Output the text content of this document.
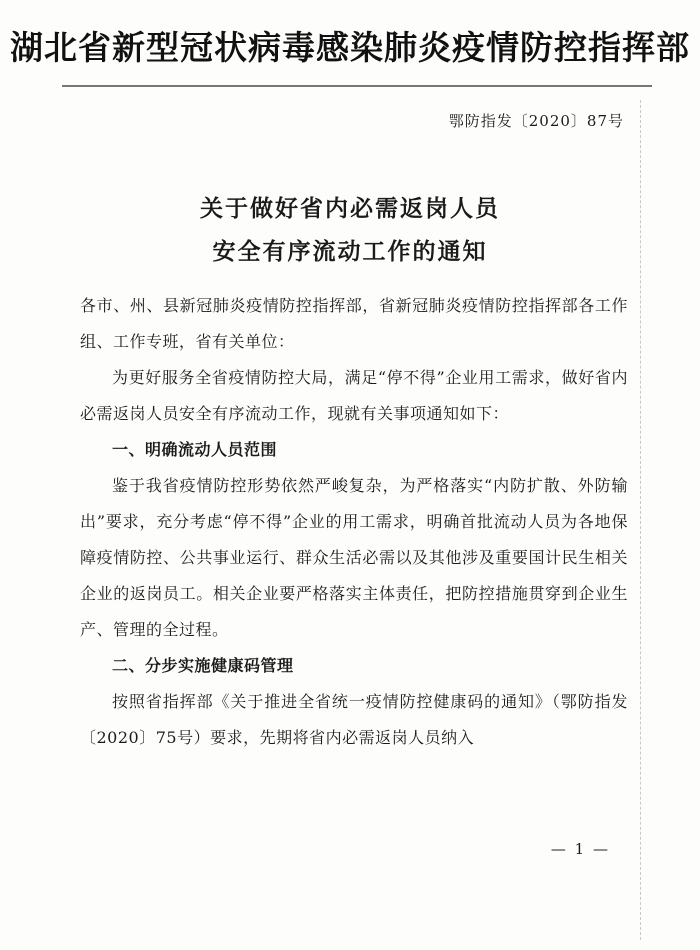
湖北省新型冠状病毒感染肺炎疫情防控指挥部
鄂防指发〔2020〕87号
关于做好省内必需返岗人员
安全有序流动工作的通知

各市、州、县新冠肺炎疫情防控指挥部，省新冠肺炎疫情防控指挥部各工作组、工作专班，省有关单位：

为更好服务全省疫情防控大局，满足“停不得”企业用工需求，做好省内必需返岗人员安全有序流动工作，现就有关事项通知如下：

一、明确流动人员范围

鉴于我省疫情防控形势依然严峻复杂，为严格落实“内防扩散、外防输出”要求，充分考虑“停不得”企业的用工需求，明确首批流动人员为各地保障疫情防控、公共事业运行、群众生活必需以及其他涉及重要国计民生相关企业的返岗员工。相关企业要严格落实主体责任，把防控措施贯穿到企业生产、管理的全过程。

二、分步实施健康码管理

按照省指挥部《关于推进全省统一疫情防控健康码的通知》（鄂防指发〔2020〕75号）要求，先期将省内必需返岗人员纳入

— 1 —
